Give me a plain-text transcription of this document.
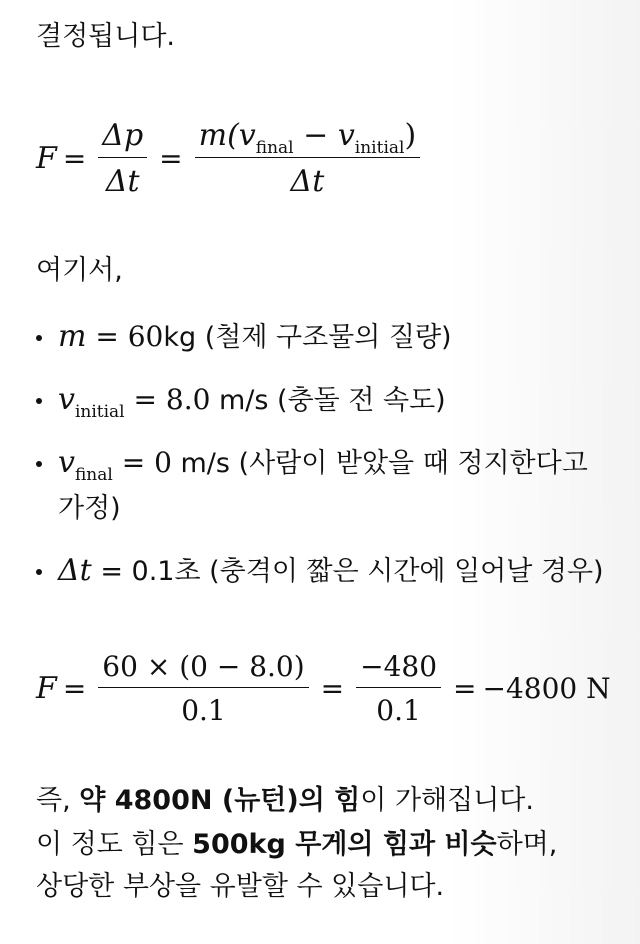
결정됩니다.
$F = \frac{\Delta p}{\Delta t} = \frac{m(v_{final} - v_{initial})}{\Delta t}$
여기서,
m = 60kg (철제 구조물의 질량)
$v_{initial} = 8.0$ m/s (충돌 전 속도)
$v_{final} = 0$ m/s (사람이 받았을 때 정지한다고
가정)
Δt = 0.1초 (충격이 짧은 시간에 일어날 경우)
$F = \frac{60 \times (0 - 8.0)}{0.1} = \frac{-480}{0.1} = -4800$ N
즉, 약 4800N (뉴턴)의 힘이 가해집니다.
이 정도 힘은 500kg 무게의 힘과 비슷하며,
상당한 부상을 유발할 수 있습니다.
